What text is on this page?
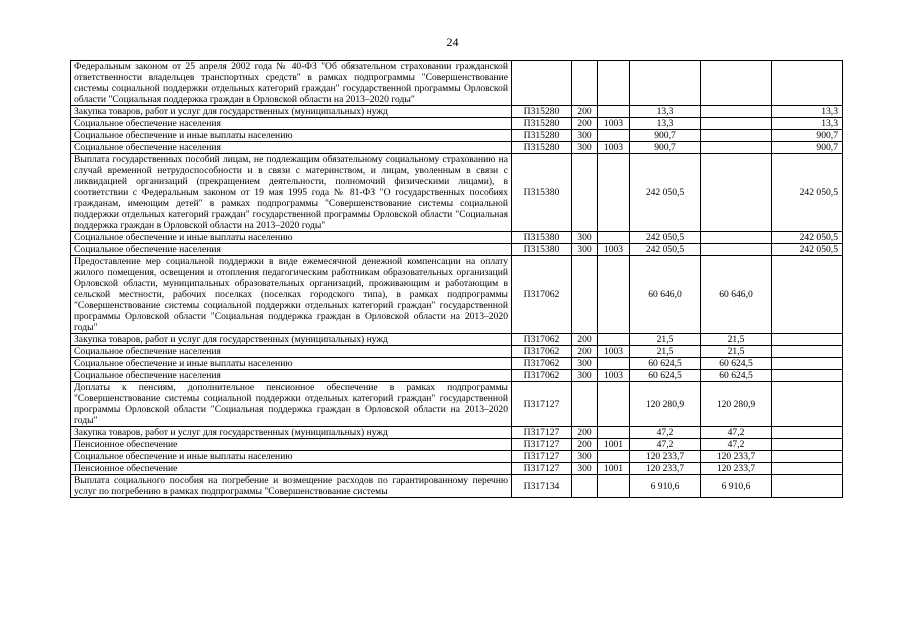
24
Федеральным законом от 25 апреля 2002 года № 40-ФЗ "Об обязательном страховании гражданской ответственности владельцев транспортных средств" в рамках подпрограммы "Совершенствование системы социальной поддержки отдельных категорий граждан" государственной программы Орловской области "Социальная поддержка граждан в Орловской области на 2013–2020 годы"						
Закупка товаров, работ и услуг для государственных (муниципальных) нужд	П315280	200		13,3		13,3
Социальное обеспечение населения	П315280	200	1003	13,3		13,3
Социальное обеспечение и иные выплаты населению	П315280	300		900,7		900,7
Социальное обеспечение населения	П315280	300	1003	900,7		900,7
Выплата государственных пособий лицам, не подлежащим обязательному социальному страхованию на случай временной нетрудоспособности и в связи с материнством, и лицам, уволенным в связи с ликвидацией организаций (прекращением деятельности, полномочий физическими лицами), в соответствии с Федеральным законом от 19 мая 1995 года № 81-ФЗ "О государственных пособиях гражданам, имеющим детей" в рамках подпрограммы "Совершенствование системы социальной поддержки отдельных категорий граждан" государственной программы Орловской области "Социальная поддержка граждан в Орловской области на 2013–2020 годы"	П315380			242 050,5		242 050,5
Социальное обеспечение и иные выплаты населению	П315380	300		242 050,5		242 050,5
Социальное обеспечение населения	П315380	300	1003	242 050,5		242 050,5
Предоставление мер социальной поддержки в виде ежемесячной денежной компенсации на оплату жилого помещения, освещения и отопления педагогическим работникам образовательных организаций Орловской области, муниципальных образовательных организаций, проживающим и работающим в сельской местности, рабочих поселках (поселках городского типа), в рамках подпрограммы "Совершенствование системы социальной поддержки отдельных категорий граждан" государственной программы Орловской области "Социальная поддержка граждан в Орловской области на 2013–2020 годы"	П317062			60 646,0	60 646,0	
Закупка товаров, работ и услуг для государственных (муниципальных) нужд	П317062	200		21,5	21,5	
Социальное обеспечение населения	П317062	200	1003	21,5	21,5	
Социальное обеспечение и иные выплаты населению	П317062	300		60 624,5	60 624,5	
Социальное обеспечение населения	П317062	300	1003	60 624,5	60 624,5	
Доплаты к пенсиям, дополнительное пенсионное обеспечение в рамках подпрограммы "Совершенствование системы социальной поддержки отдельных категорий граждан" государственной программы Орловской области "Социальная поддержка граждан в Орловской области на 2013–2020 годы"	П317127			120 280,9	120 280,9	
Закупка товаров, работ и услуг для государственных (муниципальных) нужд	П317127	200		47,2	47,2	
Пенсионное обеспечение	П317127	200	1001	47,2	47,2	
Социальное обеспечение и иные выплаты населению	П317127	300		120 233,7	120 233,7	
Пенсионное обеспечение	П317127	300	1001	120 233,7	120 233,7	
Выплата социального пособия на погребение и возмещение расходов по гарантированному перечню услуг по погребению в рамках подпрограммы "Совершенствование системы	П317134			6 910,6	6 910,6	
